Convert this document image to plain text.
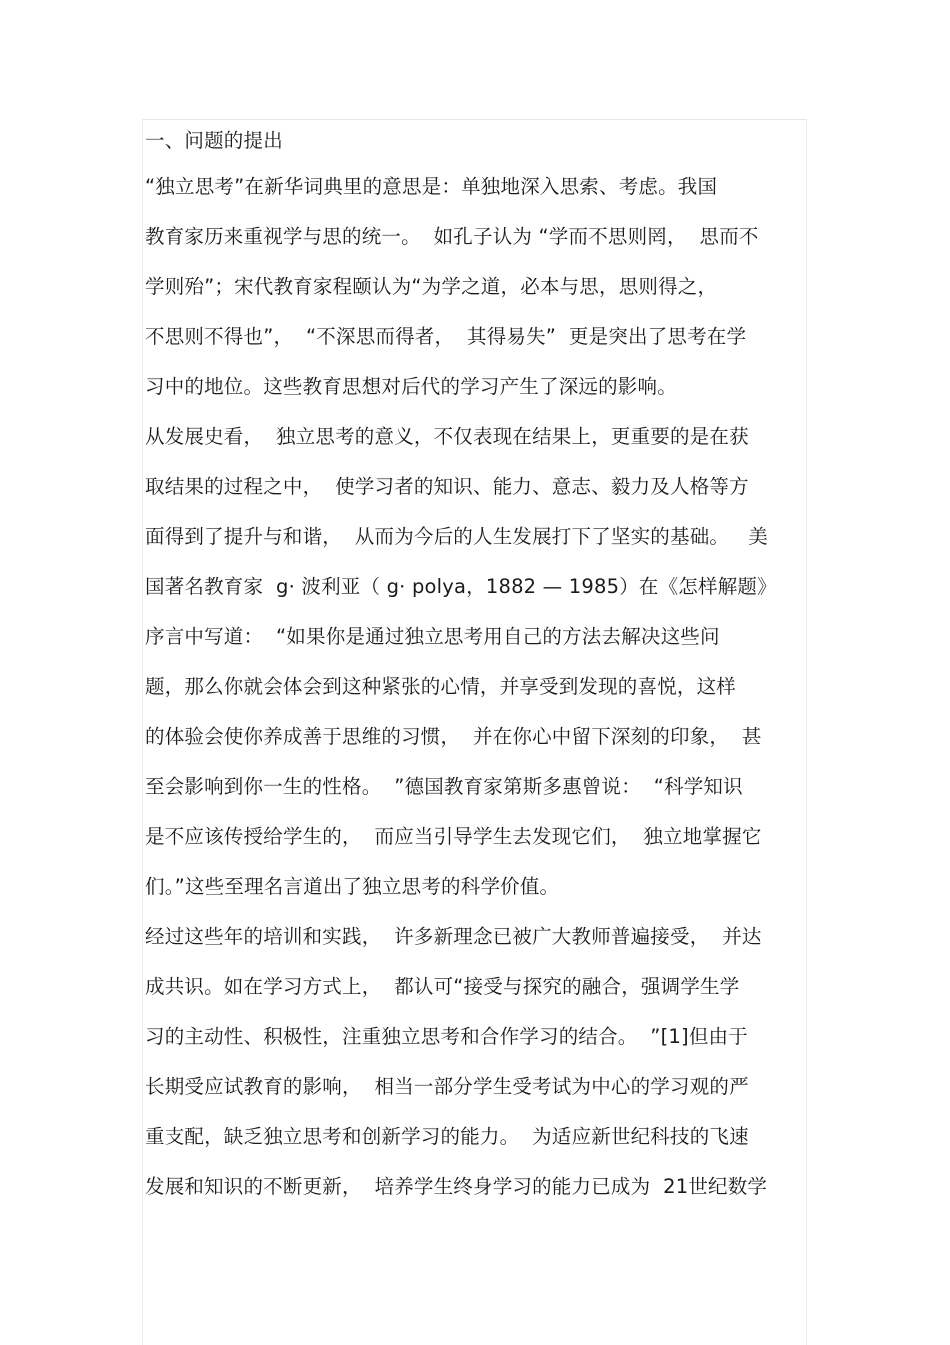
一、问题的提出
“独立思考”在新华词典里的意思是：单独地深入思索、考虑。我国
教育家历来重视学与思的统一。  如孔子认为 “学而不思则罔，  思而不
学则殆”；宋代教育家程颐认为“为学之道，必本与思，思则得之，
不思则不得也”，  “不深思而得者，  其得易失”  更是突出了思考在学
习中的地位。这些教育思想对后代的学习产生了深远的影响。
从发展史看，  独立思考的意义，不仅表现在结果上，更重要的是在获
取结果的过程之中，  使学习者的知识、能力、意志、毅力及人格等方
面得到了提升与和谐，  从而为今后的人生发展打下了坚实的基础。   美
国著名教育家  g· 波利亚（ g· polya，1882 — 1985）在《怎样解题》
序言中写道：  “如果你是通过独立思考用自己的方法去解决这些问
题，那么你就会体会到这种紧张的心情，并享受到发现的喜悦，这样
的体验会使你养成善于思维的习惯，  并在你心中留下深刻的印象，  甚
至会影响到你一生的性格。  ”德国教育家第斯多惠曾说：  “科学知识
是不应该传授给学生的，  而应当引导学生去发现它们，  独立地掌握它
们。”这些至理名言道出了独立思考的科学价值。
经过这些年的培训和实践，  许多新理念已被广大教师普遍接受，  并达
成共识。如在学习方式上，  都认可“接受与探究的融合，强调学生学
习的主动性、积极性，注重独立思考和合作学习的结合。  ”[1]但由于
长期受应试教育的影响，  相当一部分学生受考试为中心的学习观的严
重支配，缺乏独立思考和创新学习的能力。  为适应新世纪科技的飞速
发展和知识的不断更新，  培养学生终身学习的能力已成为  21世纪数学
